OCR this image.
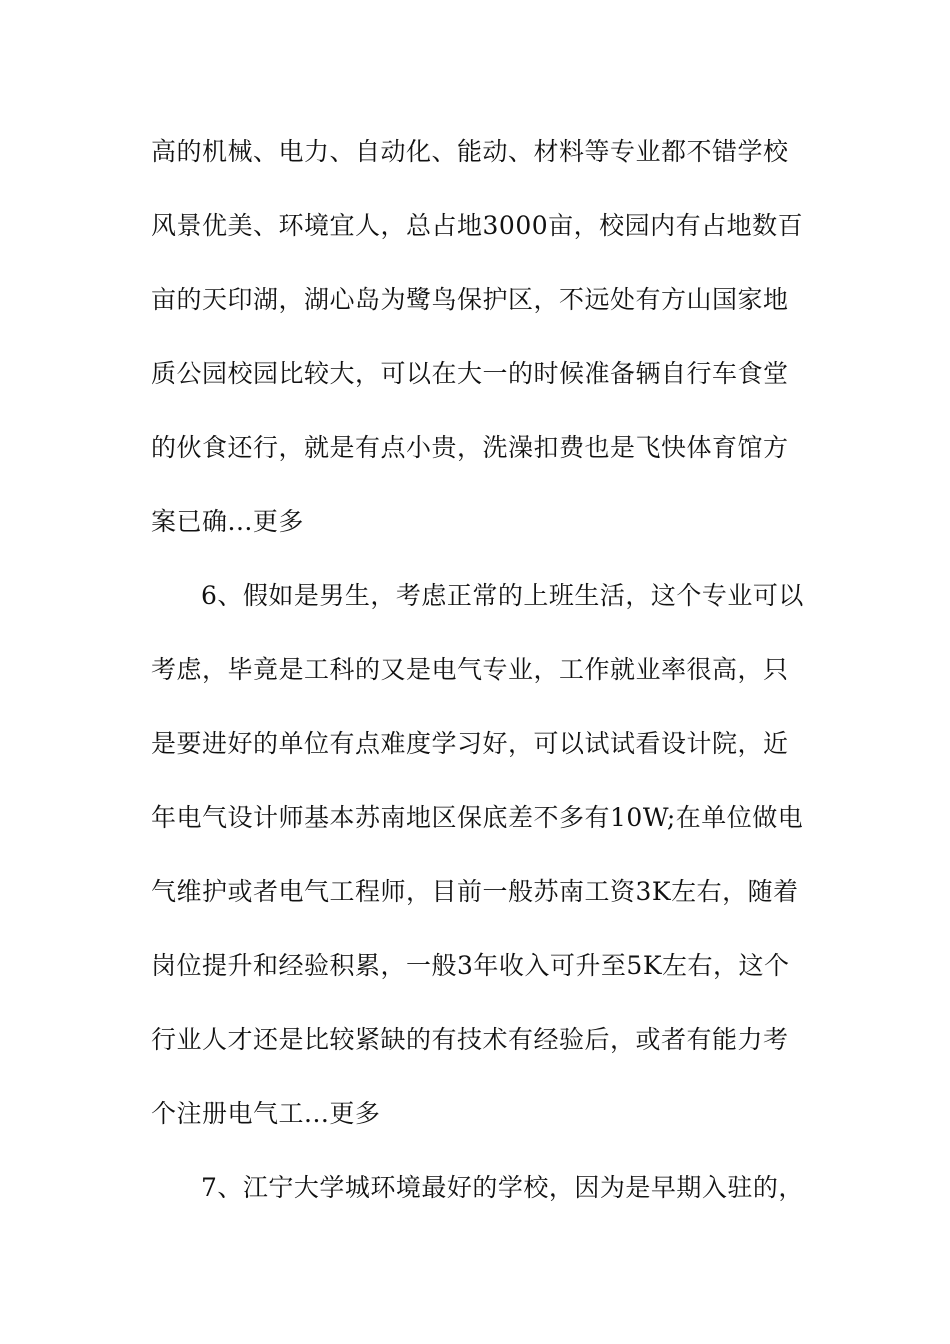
高的机械、电力、自动化、能动、材料等专业都不错学校
风景优美、环境宜人，总占地3000亩，校园内有占地数百
亩的天印湖，湖心岛为鹭鸟保护区，不远处有方山国家地
质公园校园比较大，可以在大一的时候准备辆自行车食堂
的伙食还行，就是有点小贵，洗澡扣费也是飞快体育馆方
案已确...更多
6、假如是男生，考虑正常的上班生活，这个专业可以
考虑，毕竟是工科的又是电气专业，工作就业率很高，只
是要进好的单位有点难度学习好，可以试试看设计院，近
年电气设计师基本苏南地区保底差不多有10W;在单位做电
气维护或者电气工程师，目前一般苏南工资3K左右，随着
岗位提升和经验积累，一般3年收入可升至5K左右，这个
行业人才还是比较紧缺的有技术有经验后，或者有能力考
个注册电气工...更多
7、江宁大学城环境最好的学校，因为是早期入驻的，
